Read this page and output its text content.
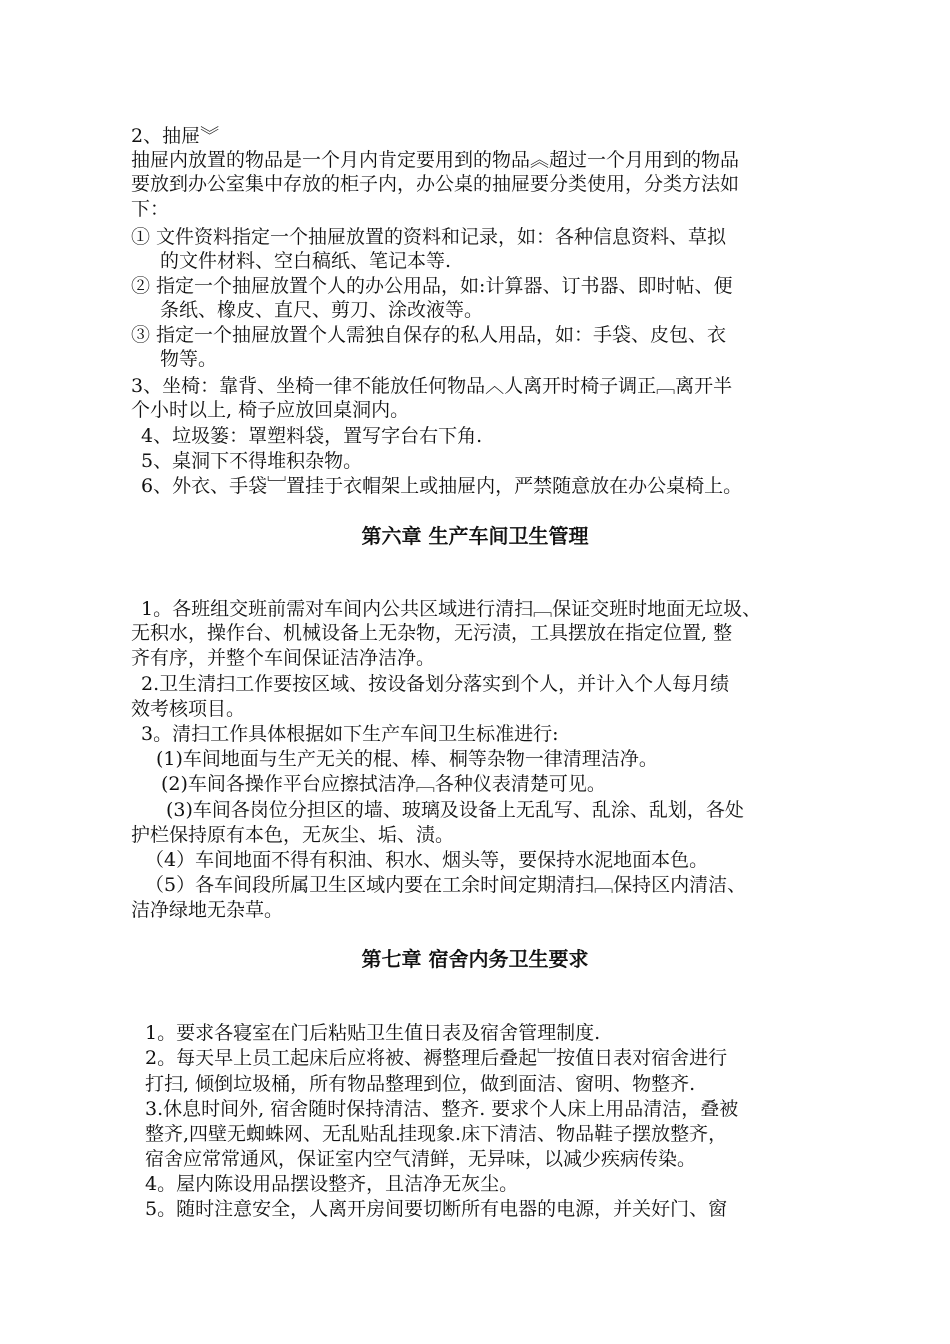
2、抽屉︾
抽屉内放置的物品是一个月内肯定要用到的物品︽超过一个月用到的物品
要放到办公室集中存放的柜子内，办公桌的抽屉要分类使用，分类方法如
下：
① 文件资料指定一个抽屉放置的资料和记录，如：各种信息资料、草拟
的文件材料、空白稿纸、笔记本等.
② 指定一个抽屉放置个人的办公用品，如:计算器、订书器、即时帖、便
条纸、橡皮、直尺、剪刀、涂改液等。
③ 指定一个抽屉放置个人需独自保存的私人用品，如：手袋、皮包、衣
物等。
3、坐椅：靠背、坐椅一律不能放任何物品︿人离开时椅子调正﹇离开半
个小时以上, 椅子应放回桌洞内。
4、垃圾篓：罩塑料袋，置写字台右下角.
5、桌洞下不得堆积杂物。
6、外衣、手袋﹈置挂于衣帽架上或抽屉内，严禁随意放在办公桌椅上。
第六章 生产车间卫生管理
1。各班组交班前需对车间内公共区域进行清扫﹇保证交班时地面无垃圾、
无积水，操作台、机械设备上无杂物，无污渍，工具摆放在指定位置, 整
齐有序，并整个车间保证洁净洁净。
2.卫生清扫工作要按区域、按设备划分落实到个人，并计入个人每月绩
效考核项目。
3。清扫工作具体根据如下生产车间卫生标准进行:
(1)车间地面与生产无关的棍、棒、桐等杂物一律清理洁净。
(2)车间各操作平台应擦拭洁净﹇各种仪表清楚可见。
(3)车间各岗位分担区的墙、玻璃及设备上无乱写、乱涂、乱划，各处
护栏保持原有本色，无灰尘、垢、渍。
（4）车间地面不得有积油、积水、烟头等，要保持水泥地面本色。
（5）各车间段所属卫生区域内要在工余时间定期清扫﹇保持区内清洁、
洁净绿地无杂草。
第七章 宿舍内务卫生要求
1。要求各寝室在门后粘贴卫生值日表及宿舍管理制度.
2。每天早上员工起床后应将被、褥整理后叠起﹈按值日表对宿舍进行
打扫, 倾倒垃圾桶，所有物品整理到位，做到面洁、窗明、物整齐.
3.休息时间外, 宿舍随时保持清洁、整齐. 要求个人床上用品清洁，叠被
整齐,四壁无蜘蛛网、无乱贴乱挂现象.床下清洁、物品鞋子摆放整齐，
宿舍应常常通风，保证室内空气清鲜，无异味，以减少疾病传染。
4。屋内陈设用品摆设整齐，且洁净无灰尘。
5。随时注意安全，人离开房间要切断所有电器的电源，并关好门、窗
